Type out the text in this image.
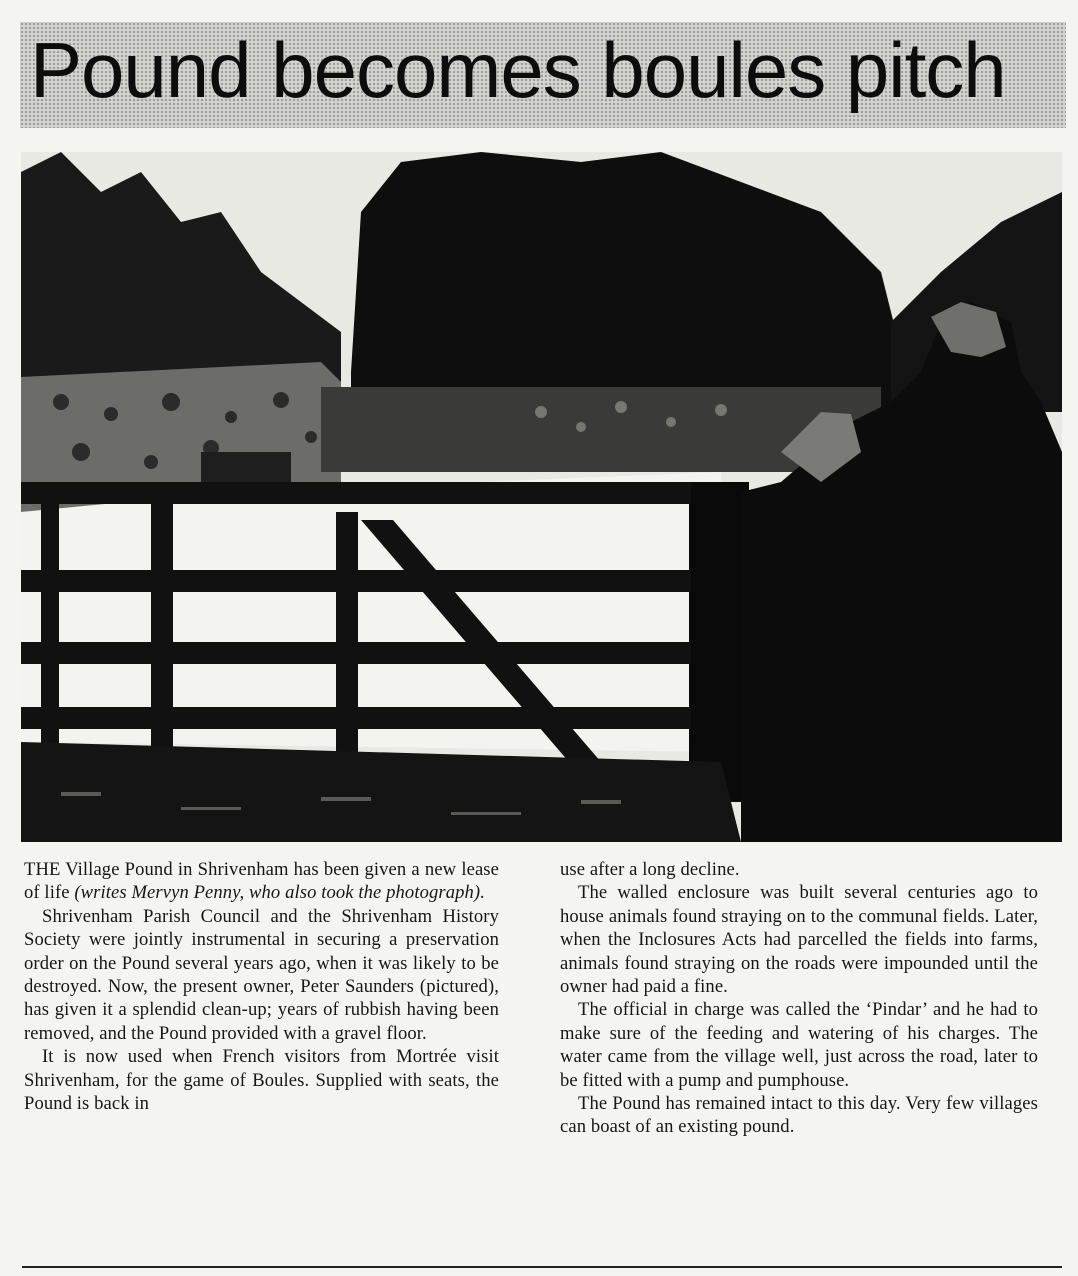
Pound becomes boules pitch

THE Village Pound in Shrivenham has been given a new lease of life (writes Mervyn Penny, who also took the photograph).

Shrivenham Parish Council and the Shrivenham History Society were jointly instrumental in securing a preservation order on the Pound several years ago, when it was likely to be destroyed. Now, the present owner, Peter Saunders (pictured), has given it a splendid clean-up; years of rubbish having been removed, and the Pound provided with a gravel floor.

It is now used when French visitors from Mortrée visit Shrivenham, for the game of Boules. Supplied with seats, the Pound is back in

use after a long decline.

The walled enclosure was built several centuries ago to house animals found straying on to the communal fields. Later, when the Inclosures Acts had parcelled the fields into farms, animals found straying on the roads were impounded until the owner had paid a fine.

The official in charge was called the ‘Pindar’ and he had to make sure of the feeding and watering of his charges. The water came from the village well, just across the road, later to be fitted with a pump and pumphouse.

The Pound has remained intact to this day. Very few villages can boast of an existing pound.
